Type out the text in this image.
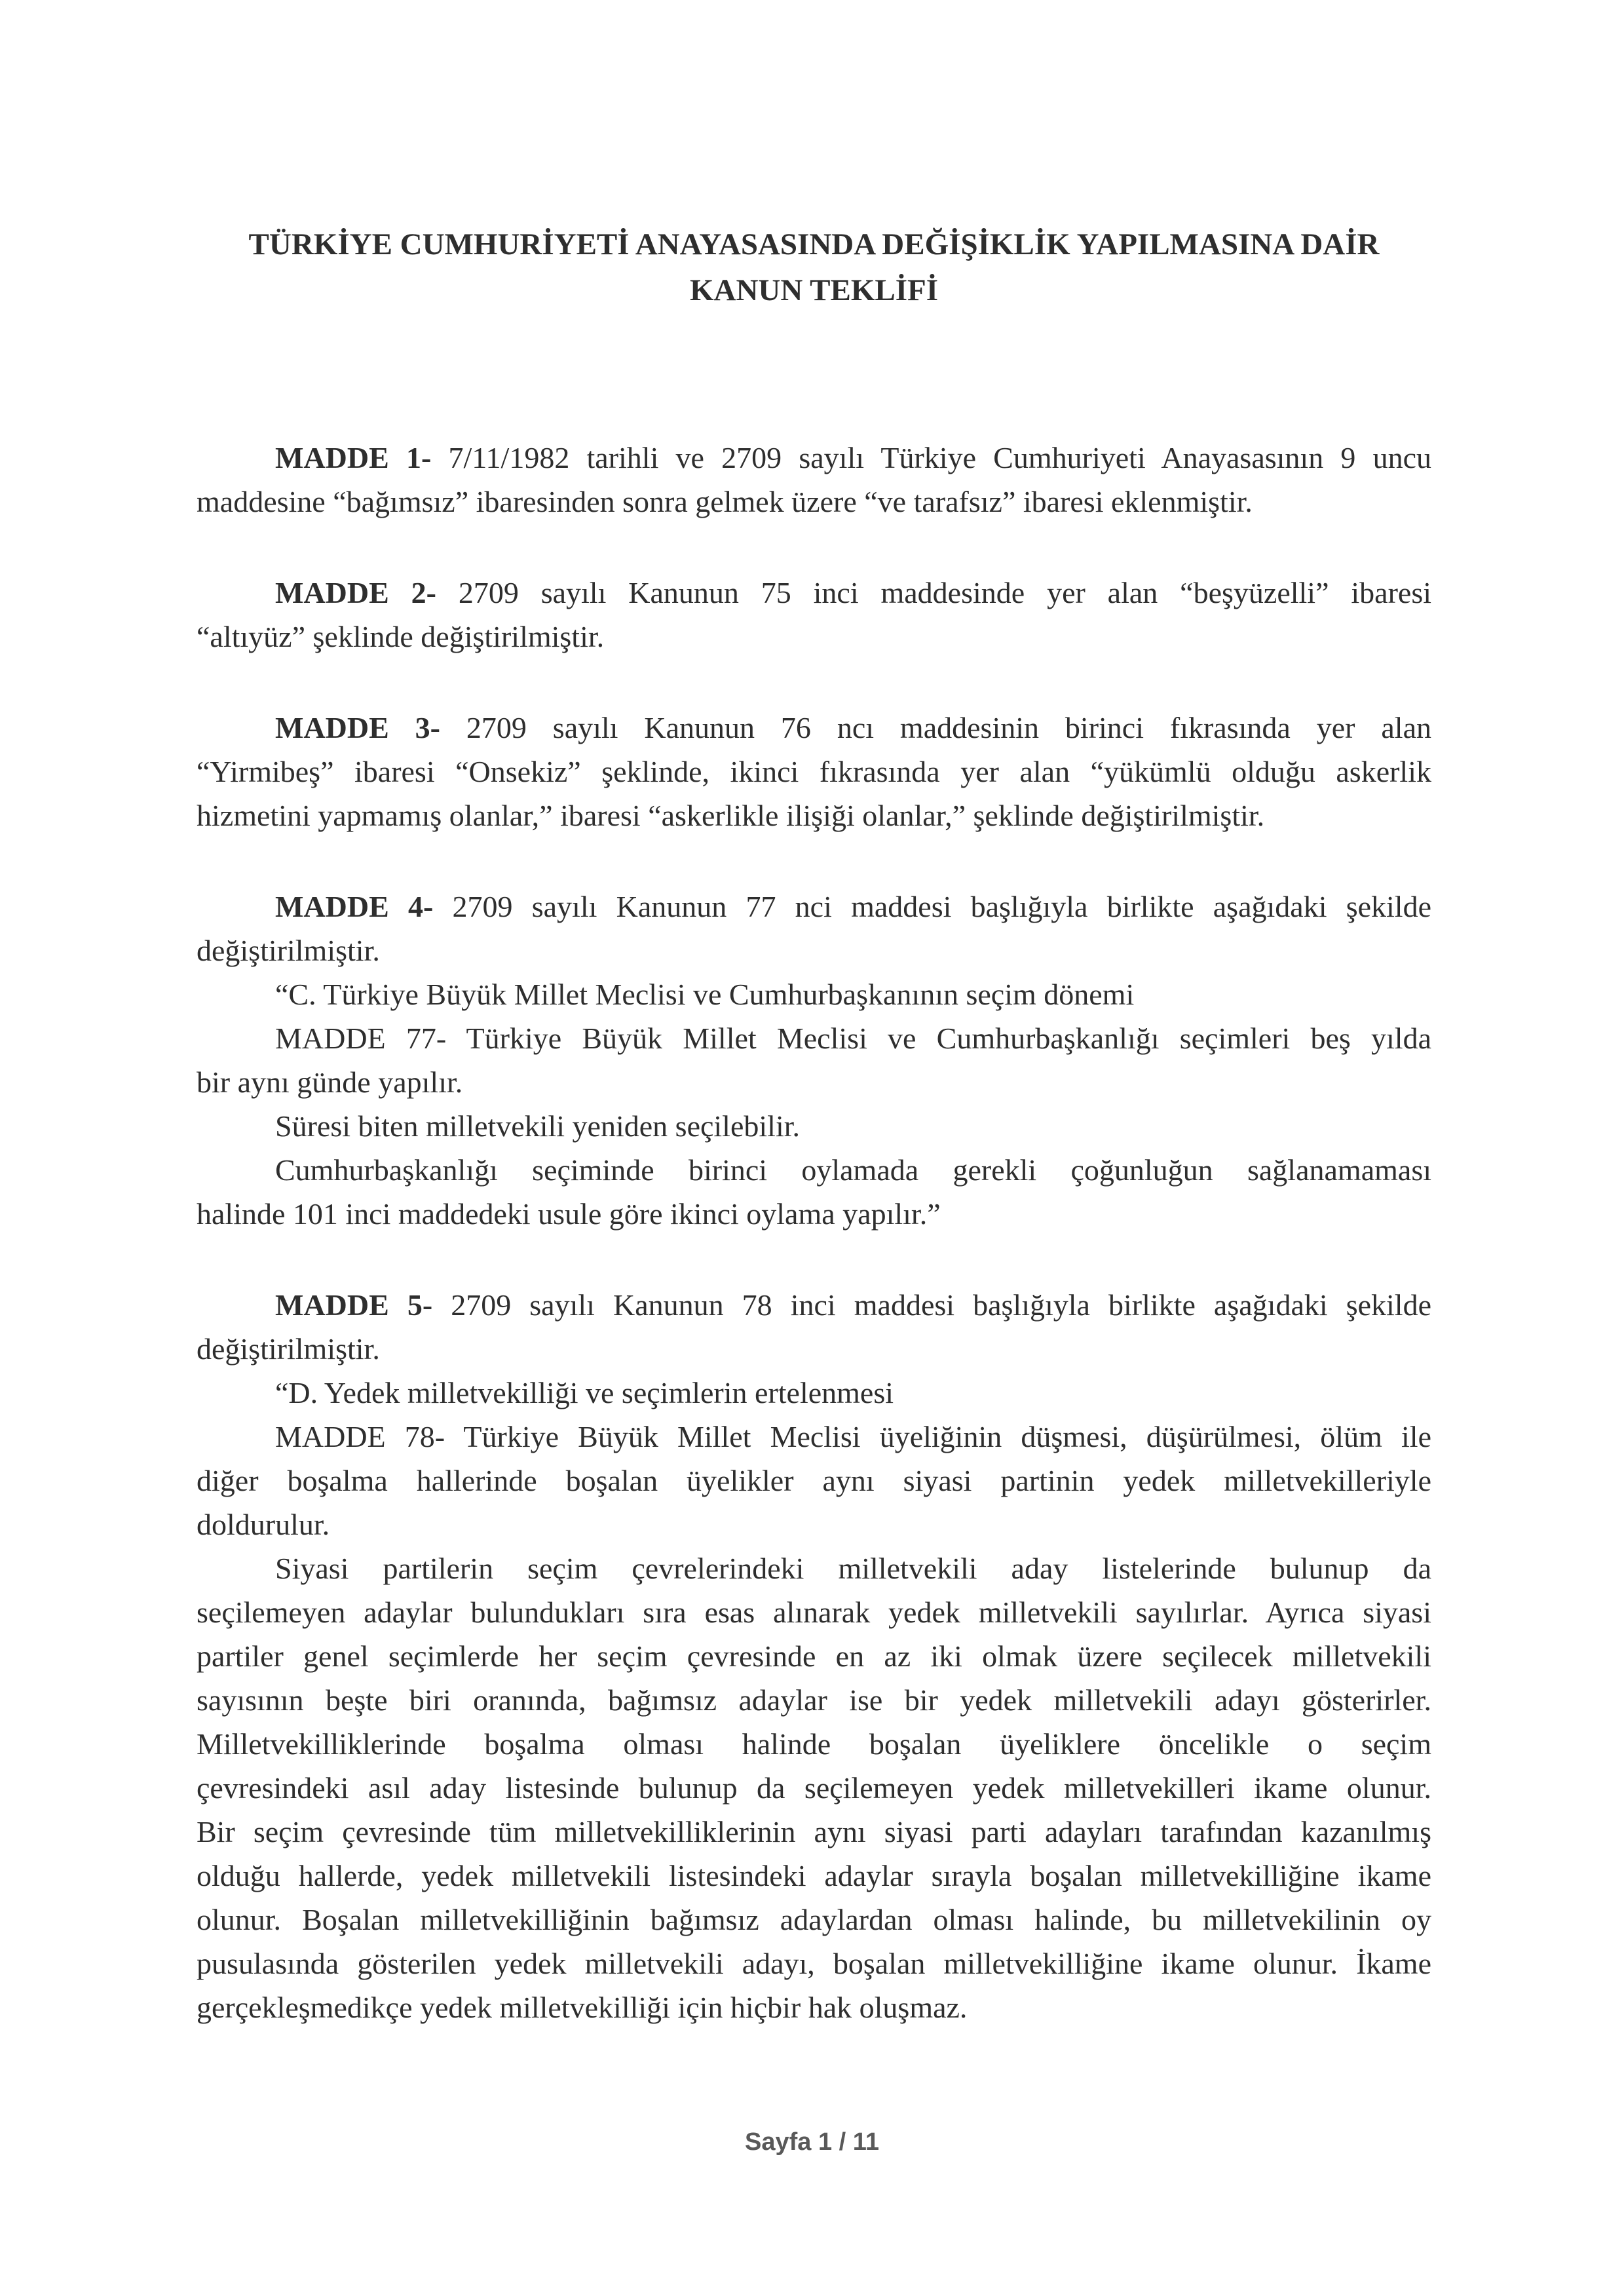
TÜRKİYE CUMHURİYETİ ANAYASASINDA DEĞİŞİKLİK YAPILMASINA DAİR
KANUN TEKLİFİ
MADDE 1- 7/11/1982 tarihli ve 2709 sayılı Türkiye Cumhuriyeti Anayasasının 9 uncu
maddesine “bağımsız” ibaresinden sonra gelmek üzere “ve tarafsız” ibaresi eklenmiştir.
MADDE 2- 2709 sayılı Kanunun 75 inci maddesinde yer alan “beşyüzelli” ibaresi
“altıyüz” şeklinde değiştirilmiştir.
MADDE 3- 2709 sayılı Kanunun 76 ncı maddesinin birinci fıkrasında yer alan
“Yirmibeş” ibaresi “Onsekiz” şeklinde, ikinci fıkrasında yer alan “yükümlü olduğu askerlik
hizmetini yapmamış olanlar,” ibaresi “askerlikle ilişiği olanlar,” şeklinde değiştirilmiştir.
MADDE 4- 2709 sayılı Kanunun 77 nci maddesi başlığıyla birlikte aşağıdaki şekilde
değiştirilmiştir.
“C. Türkiye Büyük Millet Meclisi ve Cumhurbaşkanının seçim dönemi
MADDE 77- Türkiye Büyük Millet Meclisi ve Cumhurbaşkanlığı seçimleri beş yılda
bir aynı günde yapılır.
Süresi biten milletvekili yeniden seçilebilir.
Cumhurbaşkanlığı seçiminde birinci oylamada gerekli çoğunluğun sağlanamaması
halinde 101 inci maddedeki usule göre ikinci oylama yapılır.”
MADDE 5- 2709 sayılı Kanunun 78 inci maddesi başlığıyla birlikte aşağıdaki şekilde
değiştirilmiştir.
“D. Yedek milletvekilliği ve seçimlerin ertelenmesi
MADDE 78- Türkiye Büyük Millet Meclisi üyeliğinin düşmesi, düşürülmesi, ölüm ile
diğer boşalma hallerinde boşalan üyelikler aynı siyasi partinin yedek milletvekilleriyle
doldurulur.
Siyasi partilerin seçim çevrelerindeki milletvekili aday listelerinde bulunup da
seçilemeyen adaylar bulundukları sıra esas alınarak yedek milletvekili sayılırlar. Ayrıca siyasi
partiler genel seçimlerde her seçim çevresinde en az iki olmak üzere seçilecek milletvekili
sayısının beşte biri oranında, bağımsız adaylar ise bir yedek milletvekili adayı gösterirler.
Milletvekilliklerinde boşalma olması halinde boşalan üyeliklere öncelikle o seçim
çevresindeki asıl aday listesinde bulunup da seçilemeyen yedek milletvekilleri ikame olunur.
Bir seçim çevresinde tüm milletvekilliklerinin aynı siyasi parti adayları tarafından kazanılmış
olduğu hallerde, yedek milletvekili listesindeki adaylar sırayla boşalan milletvekilliğine ikame
olunur. Boşalan milletvekilliğinin bağımsız adaylardan olması halinde, bu milletvekilinin oy
pusulasında gösterilen yedek milletvekili adayı, boşalan milletvekilliğine ikame olunur. İkame
gerçekleşmedikçe yedek milletvekilliği için hiçbir hak oluşmaz.
Sayfa 1 / 11
